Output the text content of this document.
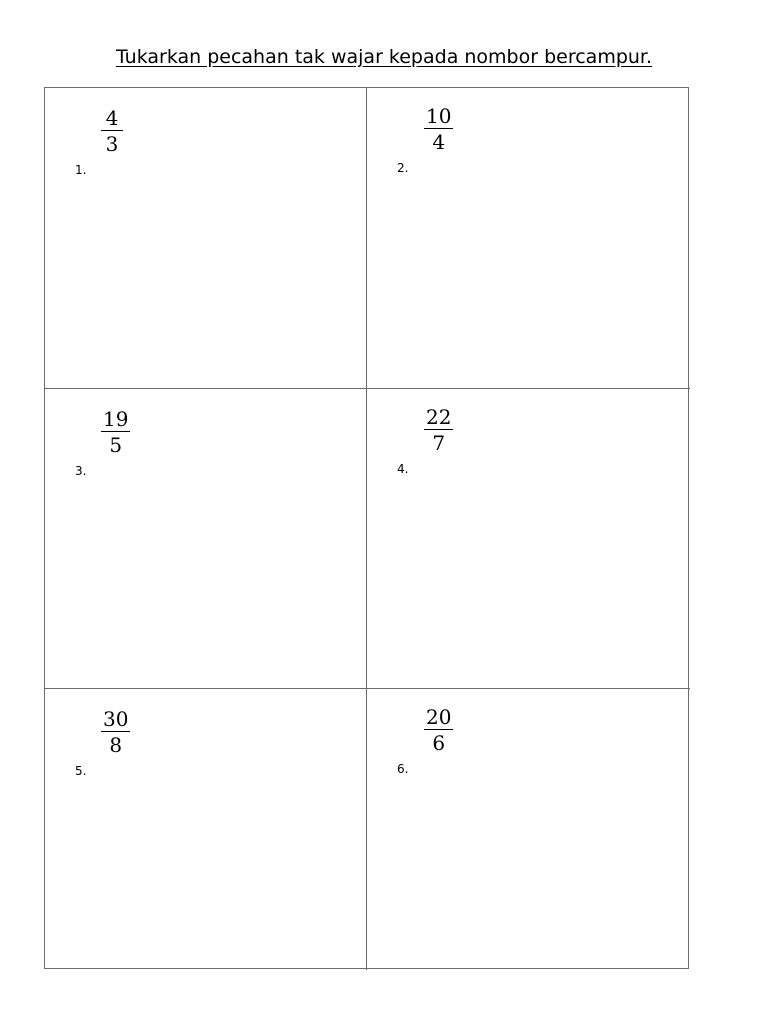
Tukarkan pecahan tak wajar kepada nombor bercampur.
$\frac{4}{3}$
1.
$\frac{10}{4}$
2.
$\frac{19}{5}$
3.
$\frac{22}{7}$
4.
$\frac{30}{8}$
5.
$\frac{20}{6}$
6.
